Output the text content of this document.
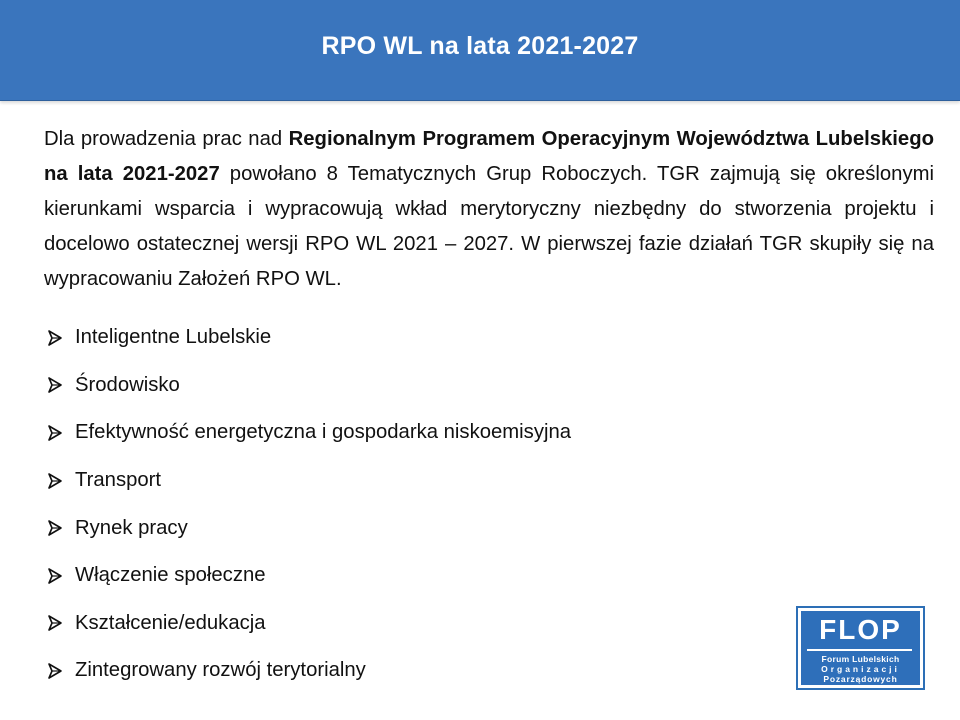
RPO WL na lata 2021-2027

Dla prowadzenia prac nad Regionalnym Programem Operacyjnym Województwa Lubelskiego na lata 2021-2027 powołano 8 Tematycznych Grup Roboczych. TGR zajmują się określonymi kierunkami wsparcia i wypracowują wkład merytoryczny niezbędny do stworzenia projektu i docelowo ostatecznej wersji RPO WL 2021 – 2027. W pierwszej fazie działań TGR skupiły się na wypracowaniu Założeń RPO WL.

Inteligentne Lubelskie
Środowisko
Efektywność energetyczna i gospodarka niskoemisyjna
Transport
Rynek pracy
Włączenie społeczne
Kształcenie/edukacja
Zintegrowany rozwój terytorialny
FLOP
Forum Lubelskich
Organizacji
Pozarządowych
